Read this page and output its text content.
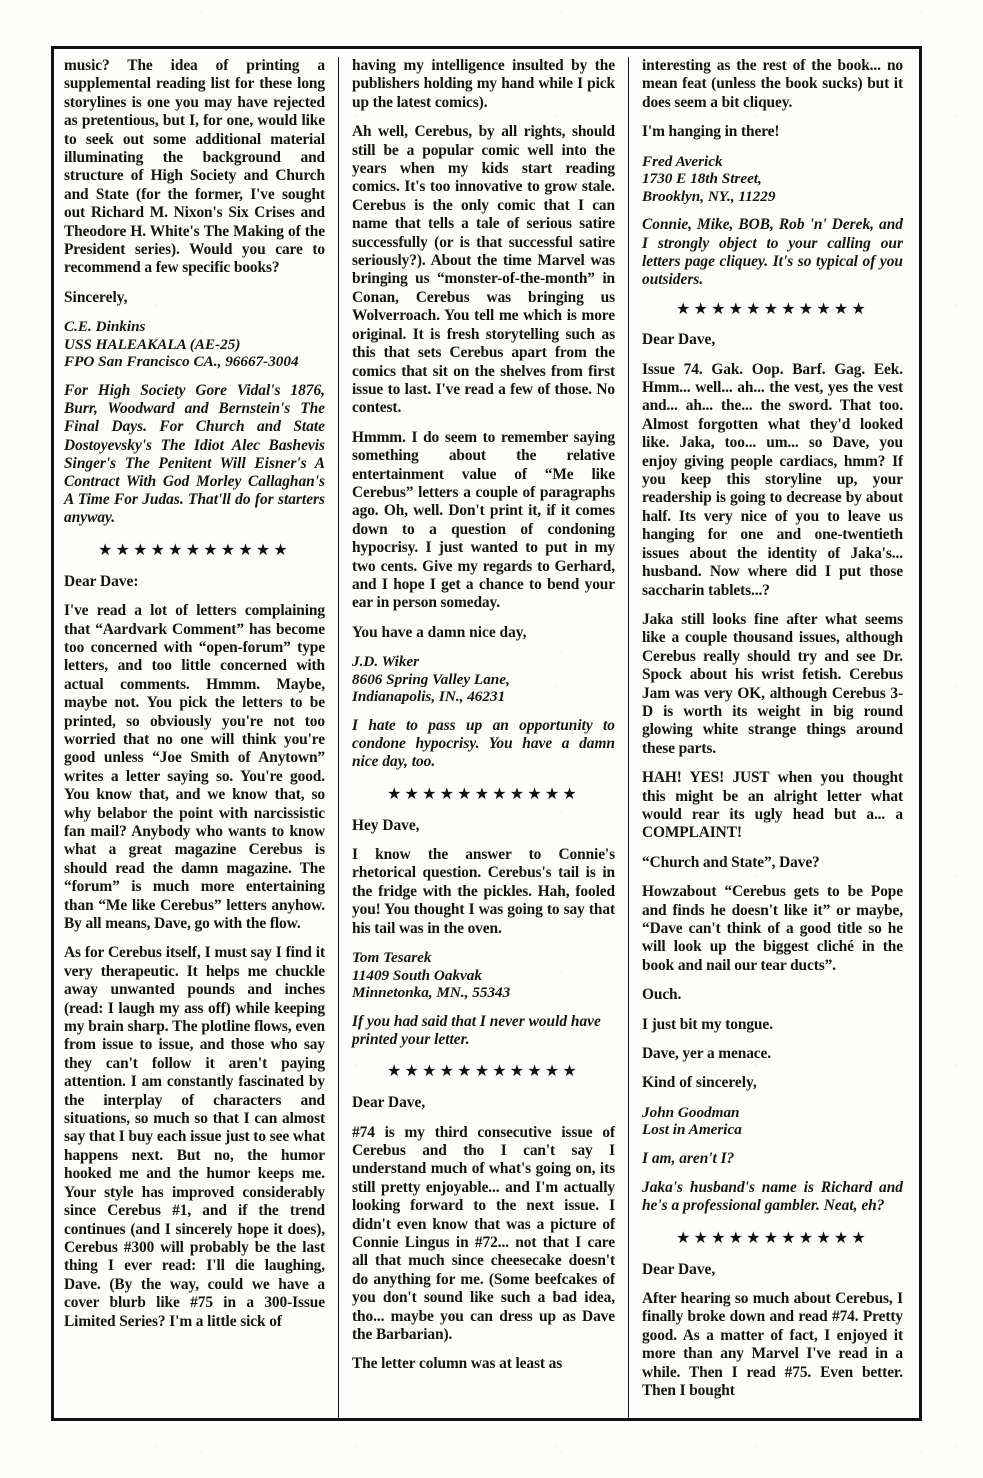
music? The idea of printing a supplemental reading list for these long storylines is one you may have rejected as pretentious, but I, for one, would like to seek out some additional material illuminating the background and structure of High Society and Church and State (for the former, I've sought out Richard M. Nixon's Six Crises and Theodore H. White's The Making of the President series). Would you care to recommend a few specific books?

Sincerely,

C.E. Dinkins
USS HALEAKALA (AE-25)
FPO San Francisco CA., 96667-3004

For High Society Gore Vidal's 1876, Burr, Woodward and Bernstein's The Final Days. For Church and State Dostoyevsky's The Idiot Alec Bashevis Singer's The Penitent Will Eisner's A Contract With God Morley Callaghan's A Time For Judas. That'll do for starters anyway.

★★★★★★★★★★★

Dear Dave:

I've read a lot of letters complaining that “Aardvark Comment” has become too concerned with “open-forum” type letters, and too little concerned with actual comments. Hmmm. Maybe, maybe not. You pick the letters to be printed, so obviously you're not too worried that no one will think you're good unless “Joe Smith of Anytown” writes a letter saying so. You're good. You know that, and we know that, so why belabor the point with narcissistic fan mail? Anybody who wants to know what a great magazine Cerebus is should read the damn magazine. The “forum” is much more entertaining than “Me like Cerebus” letters anyhow. By all means, Dave, go with the flow.

As for Cerebus itself, I must say I find it very therapeutic. It helps me chuckle away unwanted pounds and inches (read: I laugh my ass off) while keeping my brain sharp. The plotline flows, even from issue to issue, and those who say they can't follow it aren't paying attention. I am constantly fascinated by the interplay of characters and situations, so much so that I can almost say that I buy each issue just to see what happens next. But no, the humor hooked me and the humor keeps me. Your style has improved considerably since Cerebus #1, and if the trend continues (and I sincerely hope it does), Cerebus #300 will probably be the last thing I ever read: I'll die laughing, Dave. (By the way, could we have a cover blurb like #75 in a 300-Issue Limited Series? I'm a little sick of

having my intelligence insulted by the publishers holding my hand while I pick up the latest comics).

Ah well, Cerebus, by all rights, should still be a popular comic well into the years when my kids start reading comics. It's too innovative to grow stale. Cerebus is the only comic that I can name that tells a tale of serious satire successfully (or is that successful satire seriously?). About the time Marvel was bringing us “monster-of-the-month” in Conan, Cerebus was bringing us Wolverroach. You tell me which is more original. It is fresh storytelling such as this that sets Cerebus apart from the comics that sit on the shelves from first issue to last. I've read a few of those. No contest.

Hmmm. I do seem to remember saying something about the relative entertainment value of “Me like Cerebus” letters a couple of paragraphs ago. Oh, well. Don't print it, if it comes down to a question of condoning hypocrisy. I just wanted to put in my two cents. Give my regards to Gerhard, and I hope I get a chance to bend your ear in person someday.

You have a damn nice day,

J.D. Wiker
8606 Spring Valley Lane,
Indianapolis, IN., 46231

I hate to pass up an opportunity to condone hypocrisy. You have a damn nice day, too.

★★★★★★★★★★★

Hey Dave,

I know the answer to Connie's rhetorical question. Cerebus's tail is in the fridge with the pickles. Hah, fooled you! You thought I was going to say that his tail was in the oven.

Tom Tesarek
11409 South Oakvak
Minnetonka, MN., 55343

If you had said that I never would have printed your letter.

★★★★★★★★★★★

Dear Dave,

#74 is my third consecutive issue of Cerebus and tho I can't say I understand much of what's going on, its still pretty enjoyable... and I'm actually looking forward to the next issue. I didn't even know that was a picture of Connie Lingus in #72... not that I care all that much since cheesecake doesn't do anything for me. (Some beefcakes of you don't sound like such a bad idea, tho... maybe you can dress up as Dave the Barbarian).

The letter column was at least as

interesting as the rest of the book... no mean feat (unless the book sucks) but it does seem a bit cliquey.

I'm hanging in there!

Fred Averick
1730 E 18th Street,
Brooklyn, NY., 11229

Connie, Mike, BOB, Rob 'n' Derek, and I strongly object to your calling our letters page cliquey. It's so typical of you outsiders.

★★★★★★★★★★★

Dear Dave,

Issue 74. Gak. Oop. Barf. Gag. Eek. Hmm... well... ah... the vest, yes the vest and... ah... the... the sword. That too. Almost forgotten what they'd looked like. Jaka, too... um... so Dave, you enjoy giving people cardiacs, hmm? If you keep this storyline up, your readership is going to decrease by about half. Its very nice of you to leave us hanging for one and one-twentieth issues about the identity of Jaka's... husband. Now where did I put those saccharin tablets...?

Jaka still looks fine after what seems like a couple thousand issues, although Cerebus really should try and see Dr. Spock about his wrist fetish. Cerebus Jam was very OK, although Cerebus 3-D is worth its weight in big round glowing white strange things around these parts.

HAH! YES! JUST when you thought this might be an alright letter what would rear its ugly head but a... a COMPLAINT!

“Church and State”, Dave?

Howzabout “Cerebus gets to be Pope and finds he doesn't like it” or maybe, “Dave can't think of a good title so he will look up the biggest cliché in the book and nail our tear ducts”.

Ouch.

I just bit my tongue.

Dave, yer a menace.

Kind of sincerely,

John Goodman
Lost in America

I am, aren't I?

Jaka's husband's name is Richard and he's a professional gambler. Neat, eh?

★★★★★★★★★★★

Dear Dave,

After hearing so much about Cerebus, I finally broke down and read #74. Pretty good. As a matter of fact, I enjoyed it more than any Marvel I've read in a while. Then I read #75. Even better. Then I bought
